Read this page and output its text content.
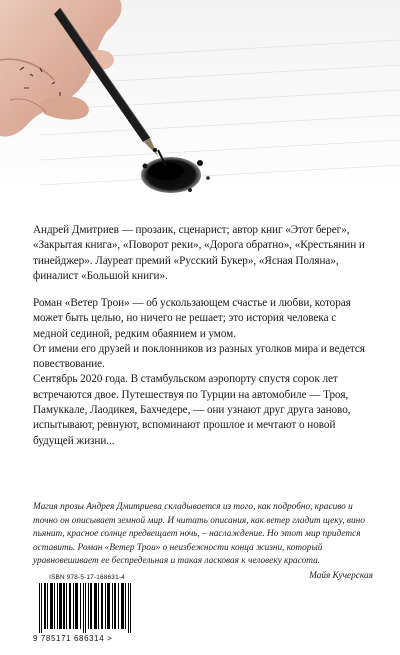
Андрей Дмитриев — прозаик, сценарист; автор книг «Этот берег», «Закрытая книга», «Поворот реки», «Дорога обратно», «Крестьянин и тинейджер». Лауреат премий «Русский Букер», «Ясная Поляна», финалист «Большой книги».

Роман «Ветер Трои» — об ускользающем счастье и любви, которая может быть целью, но ничего не решает; это история человека с медной сединой, редким обаянием и умом.

От имени его друзей и поклонников из разных уголков мира и ведется повествование.

Сентябрь 2020 года. В стамбульском аэропорту спустя сорок лет встречаются двое. Путешествуя по Турции на автомобиле — Троя, Памуккале, Лаодикея, Бахчедере, — они узнают друг друга заново, испытывают, ревнуют, вспоминают прошлое и мечтают о новой будущей жизни...

Магия прозы Андрея Дмитриева складывается из того, как подробно, красиво и точно он описывает земной мир. И читать описания, как ветер гладит щеку, вино пьянит, красное солнце предвещает ночь, – наслаждение. Но этот мир придется оставить. Роман «Ветер Трои» о неизбежности конца жизни, который уравновешивает ее беспредельная и такая ласковая к человеку красота.
Майя Кучерская
ISBN 978-5-17-168631-4
9 785171 686314 >
